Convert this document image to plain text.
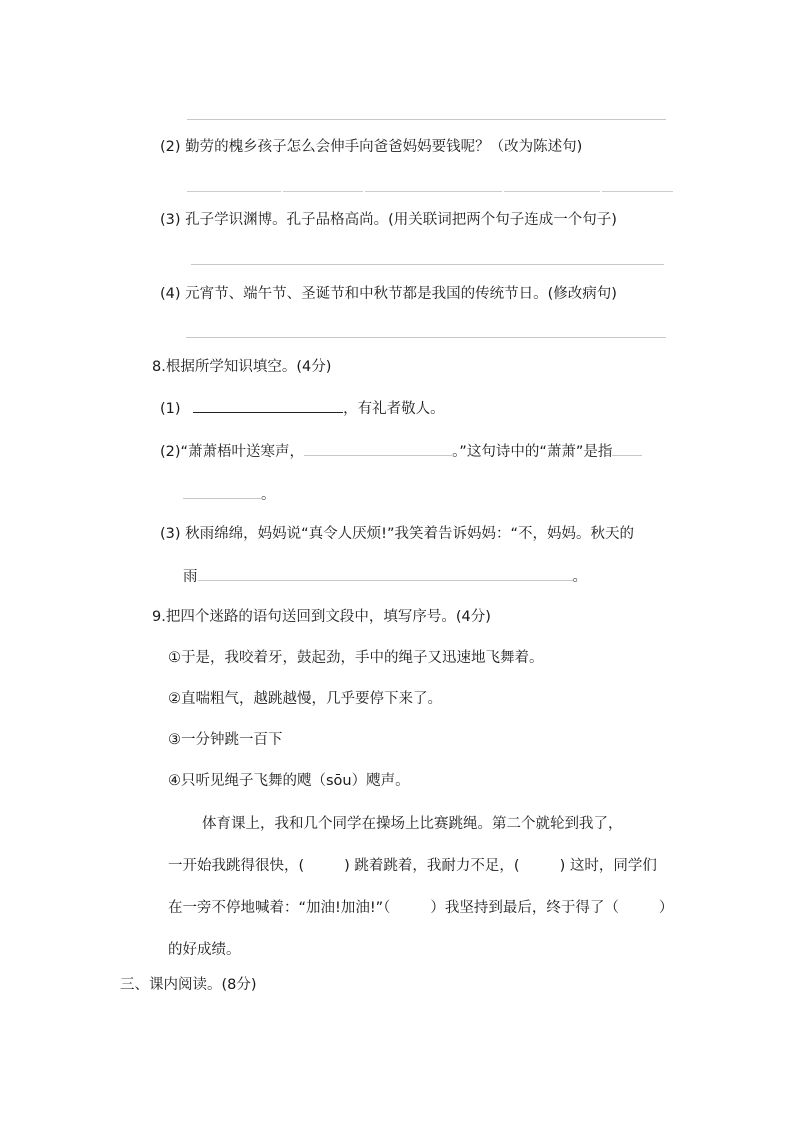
(2) 勤劳的槐乡孩子怎么会伸手向爸爸妈妈要钱呢？（改为陈述句)
(3) 孔子学识渊博。孔子品格高尚。(用关联词把两个句子连成一个句子)
(4) 元宵节、端午节、圣诞节和中秋节都是我国的传统节日。(修改病句)
8.根据所学知识填空。(4分)
(1)	，有礼者敬人。
(2)“萧萧梧叶送寒声，	。”这句诗中的“萧萧”是指
。
(3) 秋雨绵绵，妈妈说“真令人厌烦!”我笑着告诉妈妈：“不，妈妈。秋天的
雨	。
9.把四个迷路的语句送回到文段中，填写序号。(4分)
①于是，我咬着牙，鼓起劲，手中的绳子又迅速地飞舞着。
②直喘粗气，越跳越慢，几乎要停下来了。
③一分钟跳一百下
④只听见绳子飞舞的飕（sōu）飕声。
体育课上，我和几个同学在操场上比赛跳绳。第二个就轮到我了，
一开始我跳得很快，(	) 跳着跳着，我耐力不足，(	) 这时，同学们
在一旁不停地喊着：“加油!加油!”（	）我坚持到最后，终于得了（	）
的好成绩。
三、课内阅读。(8分)
